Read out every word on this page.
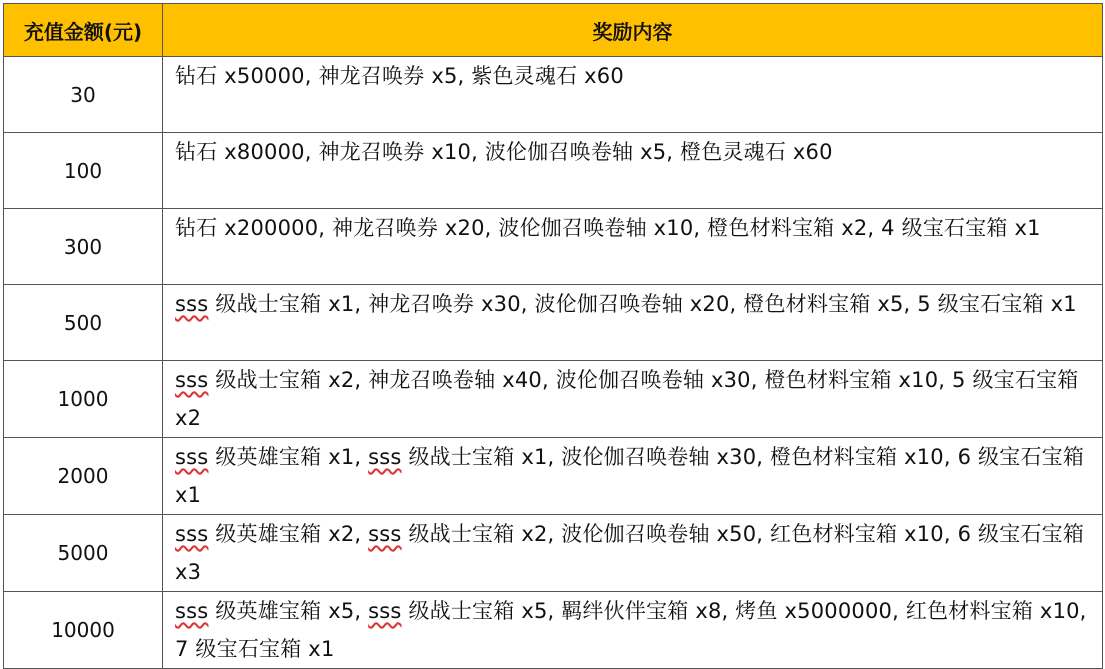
充值金额(元)	奖励内容
30	钻石 x50000, 神龙召唤券 x5, 紫色灵魂石 x60
100	钻石 x80000, 神龙召唤券 x10, 波伦伽召唤卷轴 x5, 橙色灵魂石 x60
300	钻石 x200000, 神龙召唤券 x20, 波伦伽召唤卷轴 x10, 橙色材料宝箱 x2, 4 级宝石宝箱 x1
500	sss 级战士宝箱 x1, 神龙召唤券 x30, 波伦伽召唤卷轴 x20, 橙色材料宝箱 x5, 5 级宝石宝箱 x1
1000	sss 级战士宝箱 x2, 神龙召唤卷轴 x40, 波伦伽召唤卷轴 x30, 橙色材料宝箱 x10, 5 级宝石宝箱 x2
2000	sss 级英雄宝箱 x1, sss 级战士宝箱 x1, 波伦伽召唤卷轴 x30, 橙色材料宝箱 x10, 6 级宝石宝箱 x1
5000	sss 级英雄宝箱 x2, sss 级战士宝箱 x2, 波伦伽召唤卷轴 x50, 红色材料宝箱 x10, 6 级宝石宝箱 x3
10000	sss 级英雄宝箱 x5, sss 级战士宝箱 x5, 羁绊伙伴宝箱 x8, 烤鱼 x5000000, 红色材料宝箱 x10, 7 级宝石宝箱 x1
